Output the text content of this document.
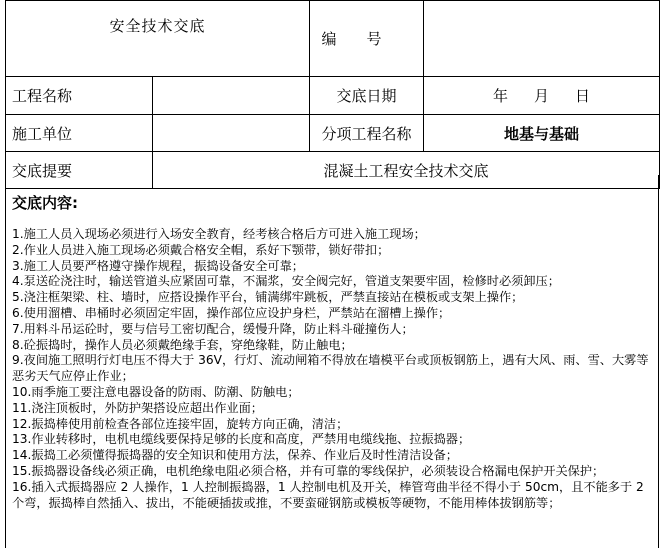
安全技术交底		编号	
工程名称		交底日期	年 月 日
施工单位		分项工程名称	地基与基础
交底提要	混凝土工程安全技术交底		
交底内容:
1.施工人员入现场必须进行入场安全教育，经考核合格后方可进入施工现场；
2.作业人员进入施工现场必须戴合格安全帽，系好下颚带，锁好带扣；
3.施工人员要严格遵守操作规程，振捣设备安全可靠；
4.泵送砼浇注时，输送管道头应紧固可靠，不漏浆，安全阀完好，管道支架要牢固，检修时必须卸压；
5.浇注框架梁、柱、墙时，应搭设操作平台，铺满绑牢跳板，严禁直接站在模板或支架上操作；
6.使用溜槽、串桶时必须固定牢固，操作部位应设护身栏，严禁站在溜槽上操作；
7.用料斗吊运砼时，要与信号工密切配合，缓慢升降，防止料斗碰撞伤人；
8.砼振捣时，操作人员必须戴绝缘手套，穿绝缘鞋，防止触电；
9.夜间施工照明行灯电压不得大于 36V，行灯、流动闸箱不得放在墙模平台或顶板钢筋上，遇有大风、雨、雪、大雾等恶劣天气应停止作业；
10.雨季施工要注意电器设备的防雨、防潮、防触电；
11.浇注顶板时，外防护架搭设应超出作业面；
12.振捣棒使用前检查各部位连接牢固，旋转方向正确，清洁；
13.作业转移时，电机电缆线要保持足够的长度和高度，严禁用电缆线拖、拉振捣器；
14.振捣工必须懂得振捣器的安全知识和使用方法，保养、作业后及时性清洁设备；
15.振捣器设备线必须正确，电机绝缘电阻必须合格，并有可靠的零线保护，必须装设合格漏电保护开关保护；
16.插入式振捣器应 2 人操作，1 人控制振捣器，1 人控制电机及开关，棒管弯曲半径不得小于 50cm，且不能多于 2 个弯，振捣棒自然插入、拔出，不能硬插拔或推，不要蛮碰钢筋或模板等硬物，不能用棒体拔钢筋等；
